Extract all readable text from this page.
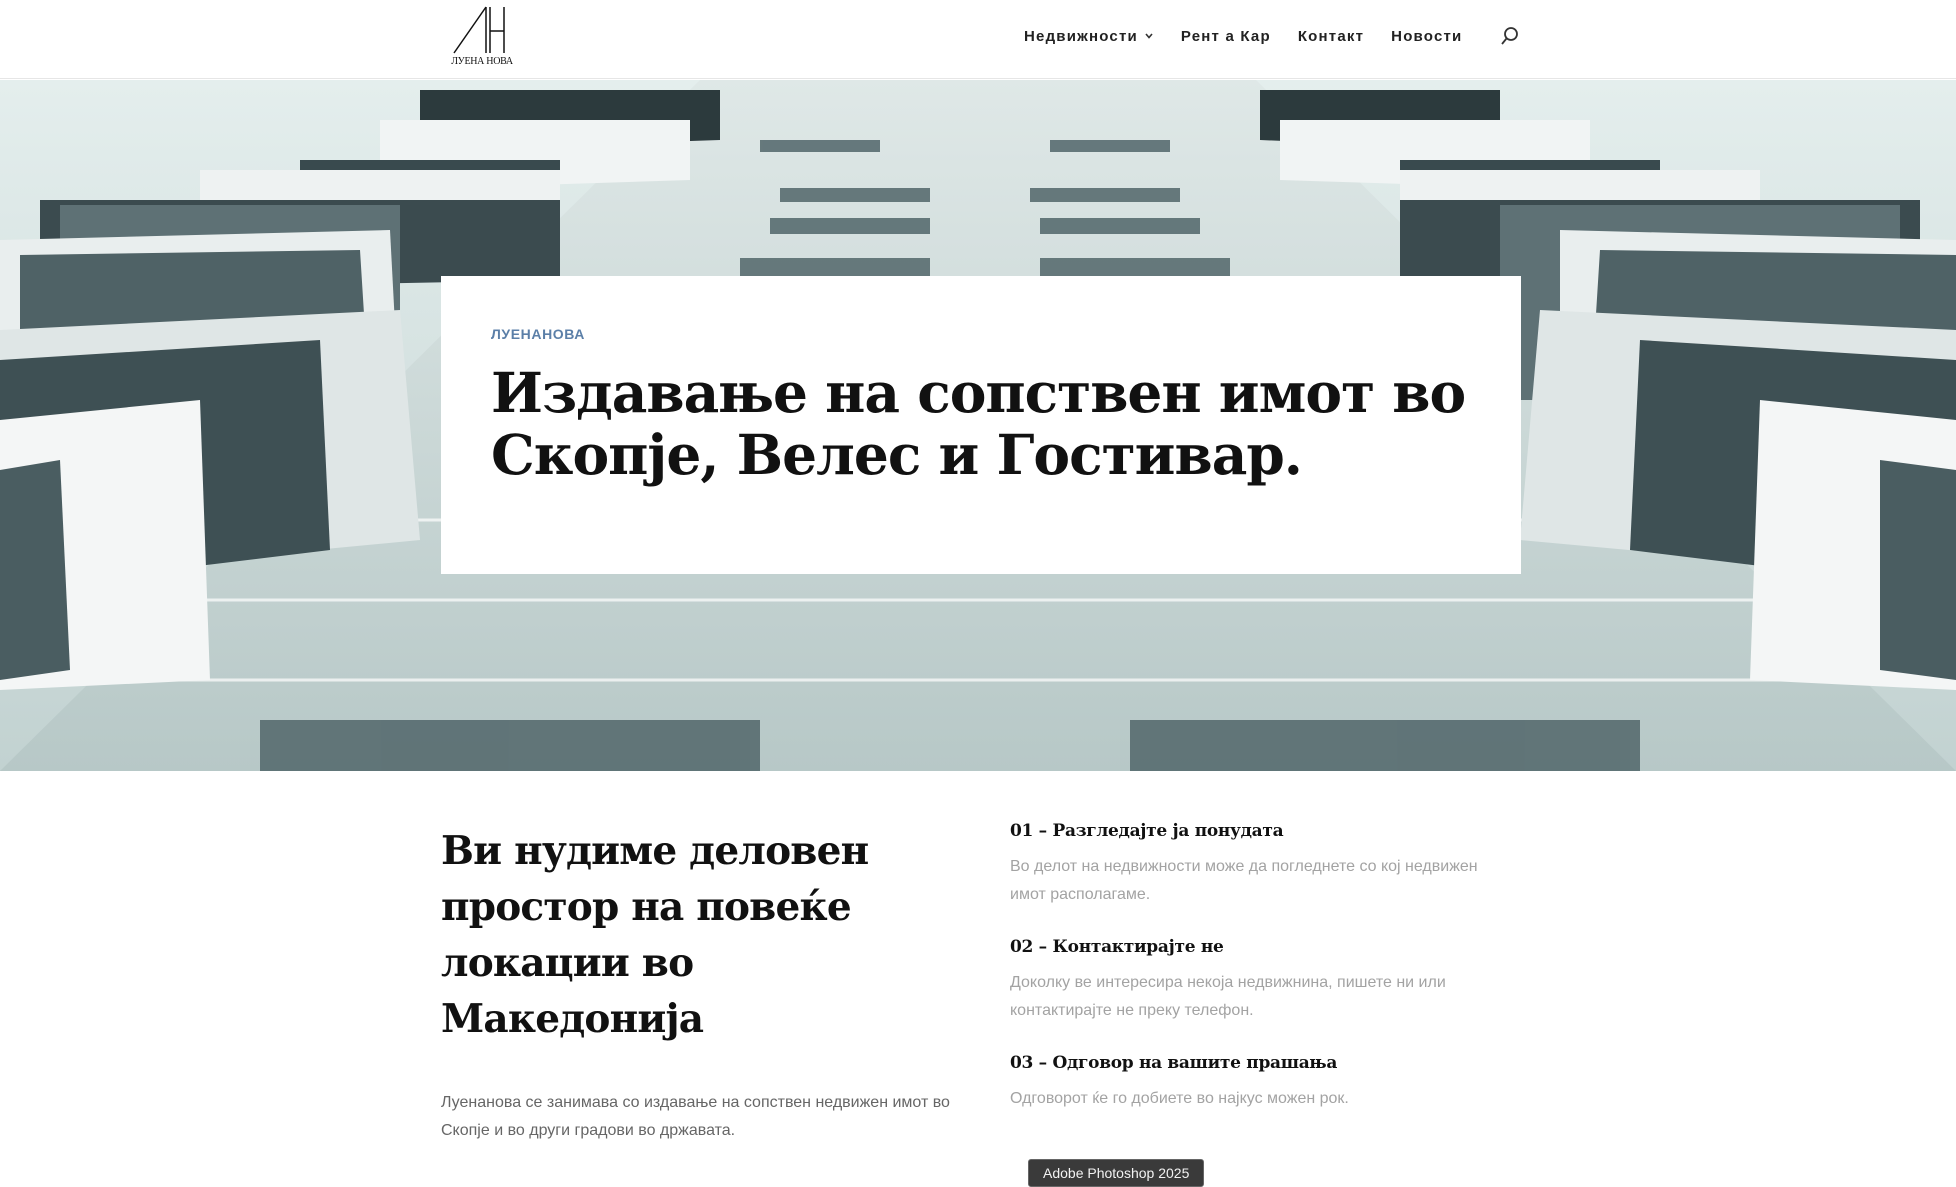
ЛУЕНА НОВА
Недвижности	Рент а Кар Контакт Новости
ЛУЕНАНОВА
Издавање на сопствен имот во Скопје, Велес и Гостивар.
Ви нудиме деловен простор на повеќе локации во Македонија

Луенанова се занимава со издавање на сопствен недвижен имот во Скопје и во други градови во државата.

01 – Разгледајте ја понудата

Во делот на недвижности може да погледнете со кој недвижен имот располагаме.

02 – Контактирајте не

Доколку ве интересира некоја недвижнина, пишете ни или контактирајте не преку телефон.

03 – Одговор на вашите прашања

Одговорот ќе го добиете во најкус можен рок.

Adobe Photoshop 2025
